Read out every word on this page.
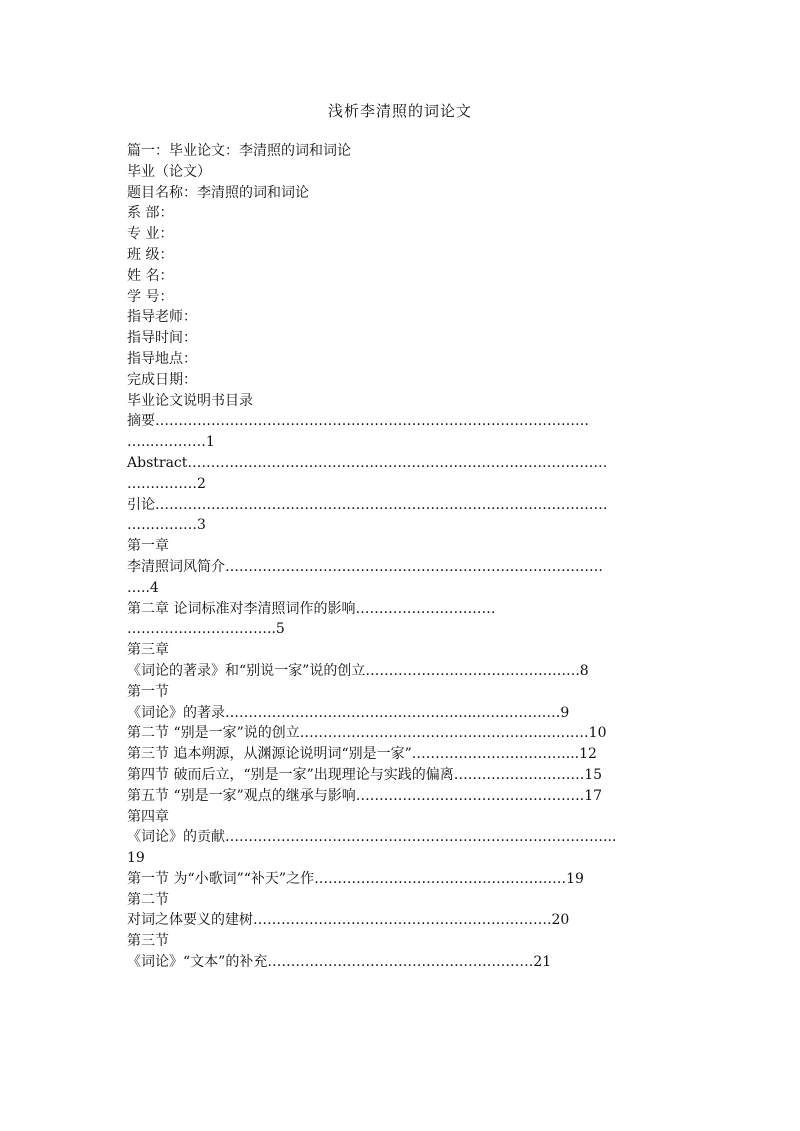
浅析李清照的词论文
篇一：毕业论文：李清照的词和词论
毕业（论文）
题目名称：李清照的词和词论
系 部：
专 业：
班 级：
姓 名：
学 号：
指导老师：
指导时间：
指导地点：
完成日期：
毕业论文说明书目录
摘要…………………………………………………………………………………
…..…………1
Abstract………………………………………………………………………………
……………2
引论……………………………………………………………….……………………
……………3
第一章
李清照词风简介………………………………………………………………………
…..4
第二章 论词标准对李清照词作的影响…………………………
…………………………..5
第三章
《词论的著录》和“别说一家”说的创立……………………………………….8
第一节
《词论》的著录……………………………………………...………………9
第二节 “别是一家”说的创立……………………………………………..………10
第三节 追本朔源，从渊源论说明词“别是一家”……………………………...12
第四节 破而后立，“别是一家”出现理论与实践的偏离……………………….15
第五节 “别是一家”观点的继承与影响………………………………………….17
第四章
《词论》的贡献………………………………………………………………………...
19
第一节 为“小歌词”“补天”之作………………………………………………19
第二节
对词之体要义的建树……………………………………………………….20
第三节
《词论》“文本”的补充…………………………………………………21
